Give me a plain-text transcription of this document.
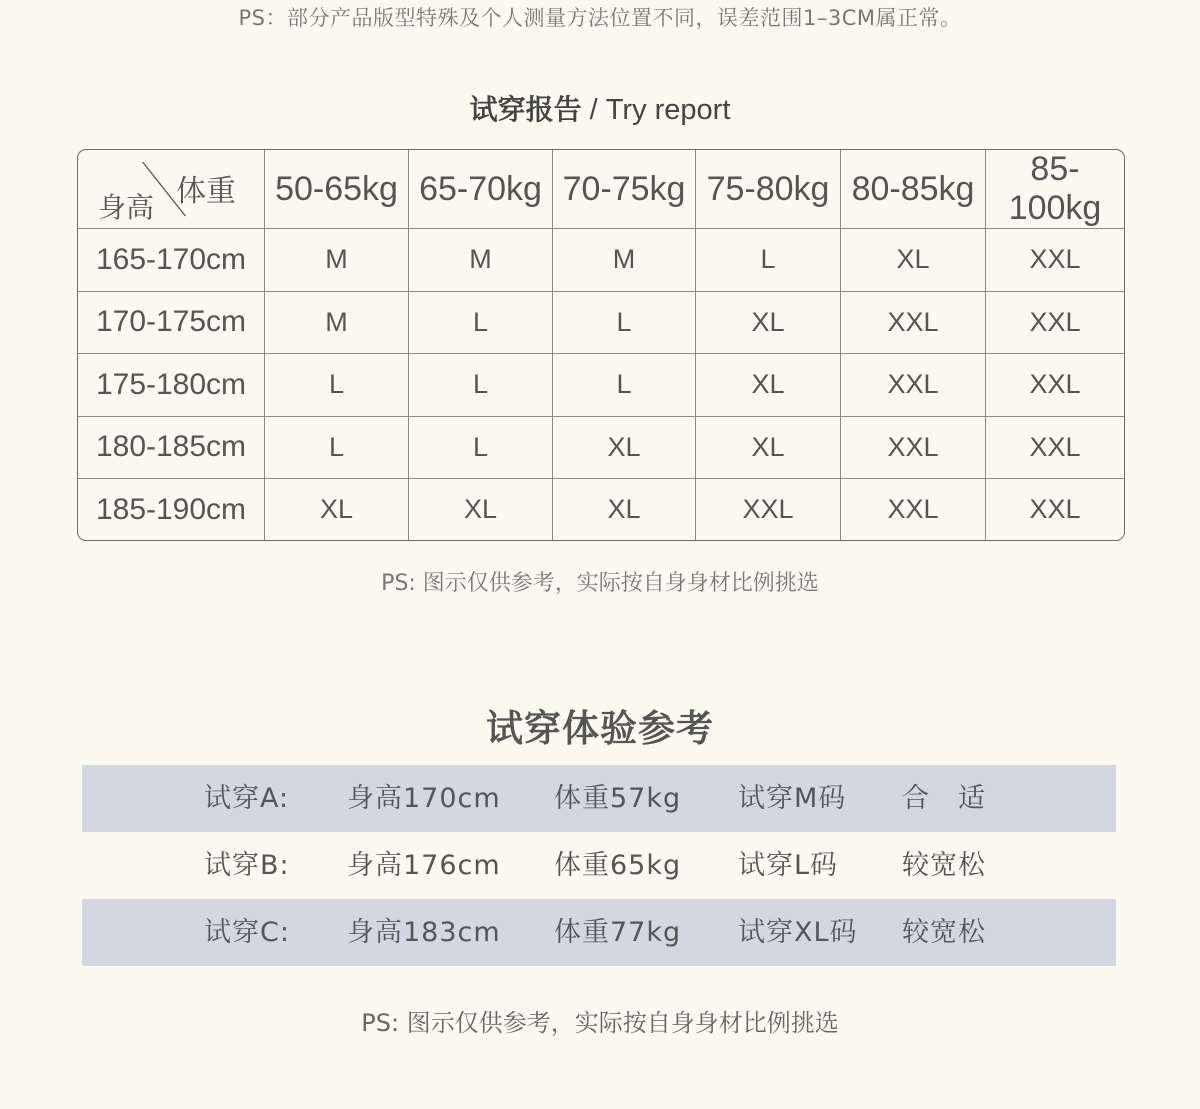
PS：部分产品版型特殊及个人测量方法位置不同，误差范围1–3CM属正常。
试穿报告 / Try report
体重
身高	50-65kg	65-70kg	70-75kg	75-80kg	80-85kg	85-100kg
165-170cm	M	M	M	L	XL	XXL
170-175cm	M	L	L	XL	XXL	XXL
175-180cm	L	L	L	XL	XXL	XXL
180-185cm	L	L	XL	XL	XXL	XXL
185-190cm	XL	XL	XL	XXL	XXL	XXL
PS: 图示仅供参考，实际按自身身材比例挑选
试穿体验参考
试穿A: 身高170cm 体重57kg 试穿M码 合　适
试穿B: 身高176cm 体重65kg 试穿L码 较宽松
试穿C: 身高183cm 体重77kg 试穿XL码 较宽松
PS: 图示仅供参考，实际按自身身材比例挑选
